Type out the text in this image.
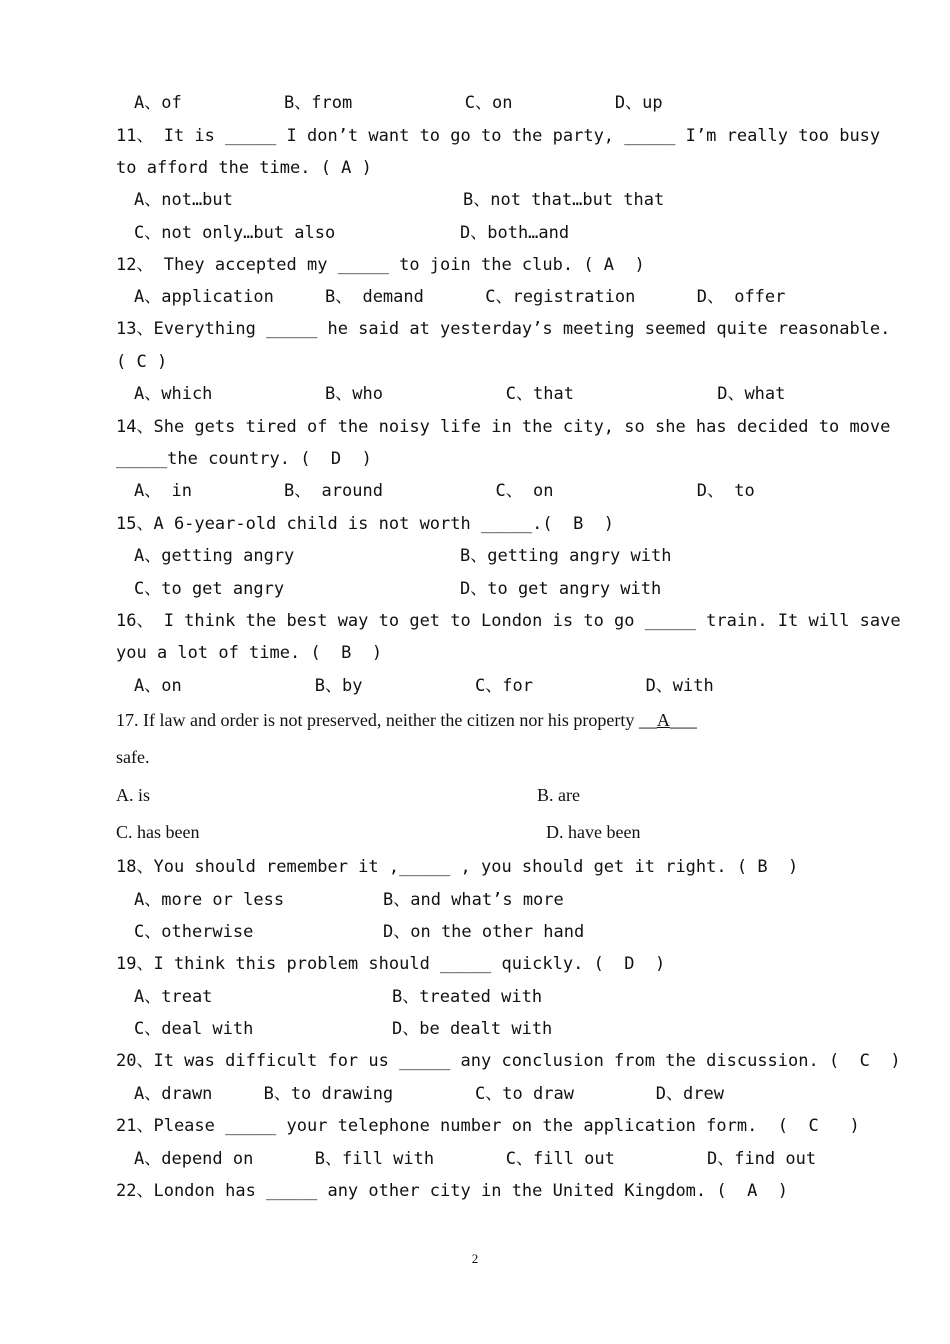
A、of          B、from           C、on          D、up
11、 It is _____ I don’t want to go to the party, _____ I’m really too busy
to afford the time. ( A )
A、not…but	B、not that…but that
C、not only…but also	D、both…and
12、 They accepted my _____ to join the club. ( A  )
A、application     B、 demand      C、registration      D、 offer
13、Everything _____ he said at yesterday’s meeting seemed quite reasonable.
( C )
A、which           B、who            C、that              D、what
14、She gets tired of the noisy life in the city, so she has decided to move
_____the country. (  D  )
A、 in         B、 around           C、 on              D、 to
15、A 6-year-old child is not worth _____.(  B  )
A、getting angry	B、getting angry with
C、to get angry	D、to get angry with
16、 I think the best way to get to London is to go _____ train. It will save
you a lot of time. (  B  )
A、on             B、by           C、for           D、with
17. If law and order is not preserved, neither the citizen nor his property __A___
safe.
A. is	B. are
C. has been	D. have been
18、You should remember it ,_____ , you should get it right. ( B  )
A、more or less	B、and what’s more
C、otherwise	D、on the other hand
19、I think this problem should _____ quickly. (  D  )
A、treat	B、treated with
C、deal with	D、be dealt with
20、It was difficult for us _____ any conclusion from the discussion. (  C  )
A、drawn     B、to drawing        C、to draw        D、drew
21、Please _____ your telephone number on the application form.  (  C   )
A、depend on      B、fill with       C、fill out         D、find out
22、London has _____ any other city in the United Kingdom. (  A  )
2
